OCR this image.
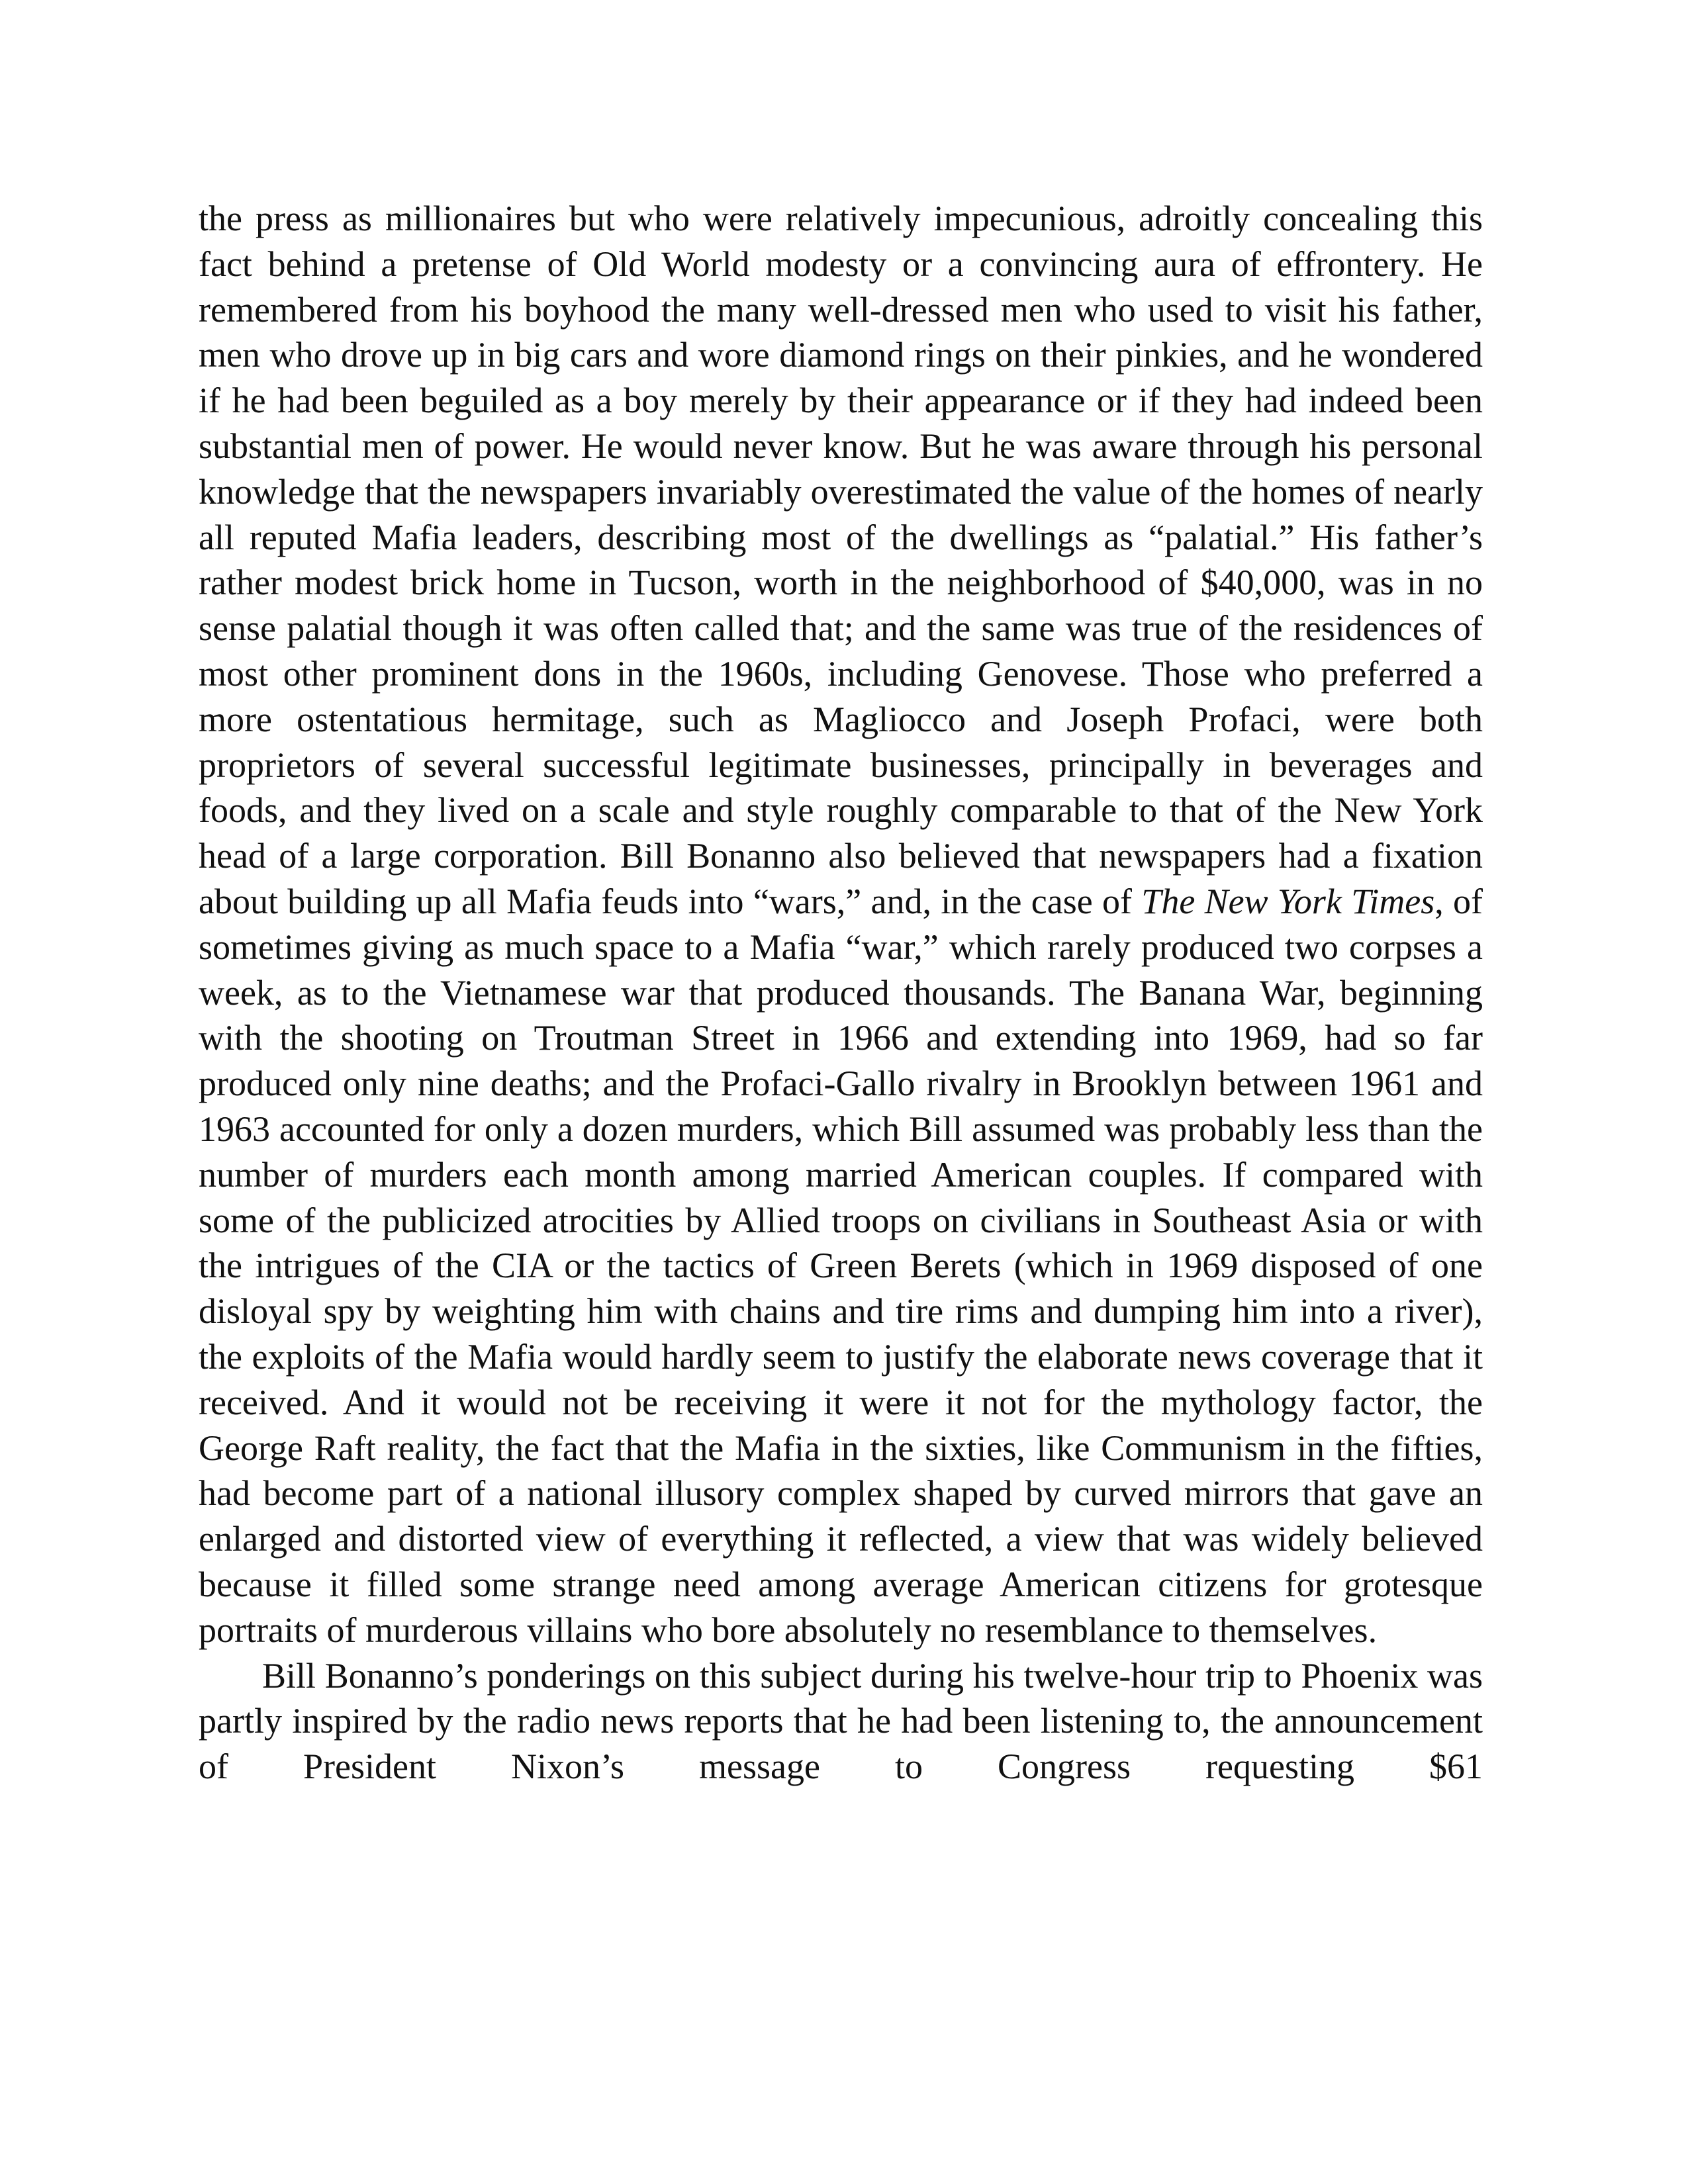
the press as millionaires but who were relatively impecunious, adroitly concealing this fact behind a pretense of Old World modesty or a convincing aura of effrontery. He remembered from his boyhood the many well-dressed men who used to visit his father, men who drove up in big cars and wore diamond rings on their pinkies, and he wondered if he had been beguiled as a boy merely by their appearance or if they had indeed been substantial men of power. He would never know. But he was aware through his personal knowledge that the newspapers invariably overestimated the value of the homes of nearly all reputed Mafia leaders, describing most of the dwellings as “palatial.” His father’s rather modest brick home in Tucson, worth in the neighborhood of $40,000, was in no sense palatial though it was often called that; and the same was true of the residences of most other prominent dons in the 1960s, including Genovese. Those who preferred a more ostentatious hermitage, such as Magliocco and Joseph Profaci, were both proprietors of several successful legitimate businesses, principally in beverages and foods, and they lived on a scale and style roughly comparable to that of the New York head of a large corporation. Bill Bonanno also believed that newspapers had a fixation about building up all Mafia feuds into “wars,” and, in the case of The New York Times, of sometimes giving as much space to a Mafia “war,” which rarely produced two corpses a week, as to the Vietnamese war that produced thousands. The Banana War, beginning with the shooting on Troutman Street in 1966 and extending into 1969, had so far produced only nine deaths; and the Profaci-Gallo rivalry in Brooklyn between 1961 and 1963 accounted for only a dozen murders, which Bill assumed was probably less than the number of murders each month among married American couples. If compared with some of the publicized atrocities by Allied troops on civilians in Southeast Asia or with the intrigues of the CIA or the tactics of Green Berets (which in 1969 disposed of one disloyal spy by weighting him with chains and tire rims and dumping him into a river), the exploits of the Mafia would hardly seem to justify the elaborate news coverage that it received. And it would not be receiving it were it not for the mythology factor, the George Raft reality, the fact that the Mafia in the sixties, like Communism in the fifties, had become part of a national illusory complex shaped by curved mirrors that gave an enlarged and distorted view of everything it reflected, a view that was widely believed because it filled some strange need among average American citizens for grotesque portraits of murderous villains who bore absolutely no resemblance to themselves.

Bill Bonanno’s ponderings on this subject during his twelve-hour trip to Phoenix was partly inspired by the radio news reports that he had been listening to, the announcement of President Nixon’s message to Congress requesting $61
